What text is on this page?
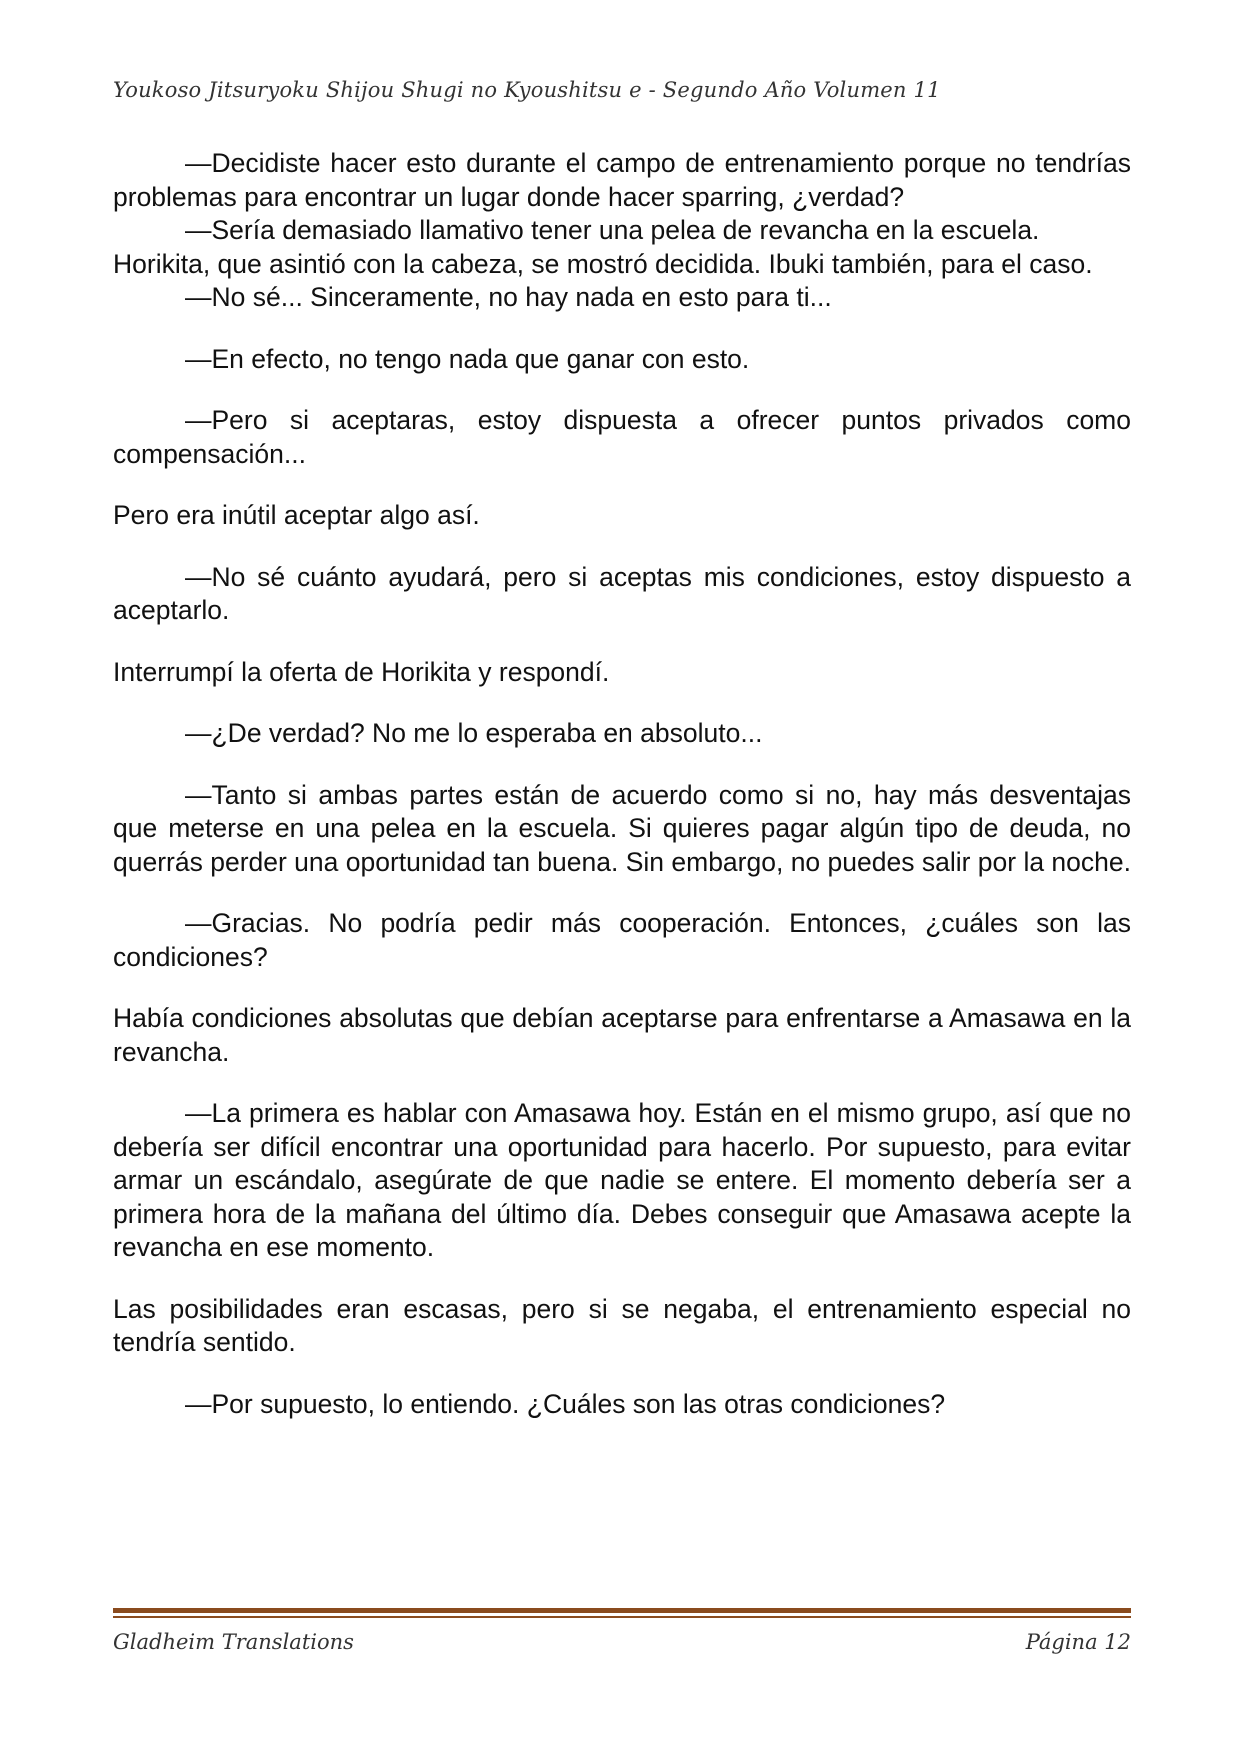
Youkoso Jitsuryoku Shijou Shugi no Kyoushitsu e - Segundo Año Volumen 11

—Decidiste hacer esto durante el campo de entrenamiento porque no tendrías problemas para encontrar un lugar donde hacer sparring, ¿verdad?

—Sería demasiado llamativo tener una pelea de revancha en la escuela.

Horikita, que asintió con la cabeza, se mostró decidida. Ibuki también, para el caso.

—No sé... Sinceramente, no hay nada en esto para ti...

—En efecto, no tengo nada que ganar con esto.

—Pero si aceptaras, estoy dispuesta a ofrecer puntos privados como compensación...

Pero era inútil aceptar algo así.

—No sé cuánto ayudará, pero si aceptas mis condiciones, estoy dispuesto a aceptarlo.

Interrumpí la oferta de Horikita y respondí.

—¿De verdad? No me lo esperaba en absoluto...

—Tanto si ambas partes están de acuerdo como si no, hay más desventajas que meterse en una pelea en la escuela. Si quieres pagar algún tipo de deuda, no querrás perder una oportunidad tan buena. Sin embargo, no puedes salir por la noche.

—Gracias. No podría pedir más cooperación. Entonces, ¿cuáles son las condiciones?

Había condiciones absolutas que debían aceptarse para enfrentarse a Amasawa en la revancha.

—La primera es hablar con Amasawa hoy. Están en el mismo grupo, así que no debería ser difícil encontrar una oportunidad para hacerlo. Por supuesto, para evitar armar un escándalo, asegúrate de que nadie se entere. El momento debería ser a primera hora de la mañana del último día. Debes conseguir que Amasawa acepte la revancha en ese momento.

Las posibilidades eran escasas, pero si se negaba, el entrenamiento especial no tendría sentido.

—Por supuesto, lo entiendo. ¿Cuáles son las otras condiciones?

Gladheim Translations	Página 12
